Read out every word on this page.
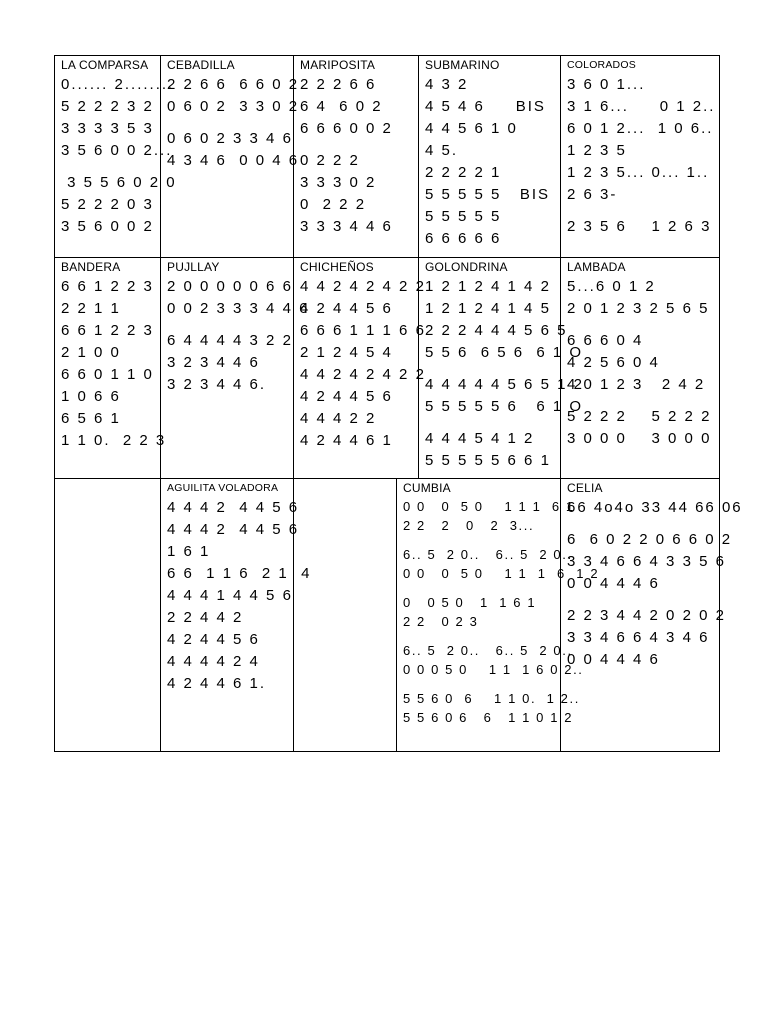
LA COMPARSA
0...... 2........
5 2 2 2 3 2
3 3 3 3 5 3
3 5 6 0 0 2...
3 5 5 6 0 2 0
5 2 2 2 0 3
3 5 6 0 0 2
CEBADILLA
2 2 6 6  6 6 0 2
0 6 0 2  3 3 0 2
0 6 0 2 3 3 4 6
4 3 4 6  0 0 4 6
MARIPOSITA
2 2 2 6 6
6 4  6 0 2
6 6 6 0 0 2
0 2 2 2
3 3 3 0 2
0  2 2 2
3 3 3 4 4 6
SUBMARINO
4 3 2
4 5 4 6     BIS
4 4 5 6 1 0
4 5.
2 2 2 2 1
5 5 5 5 5   BIS
5 5 5 5 5
6 6 6 6 6
COLORADOS
3 6 0 1...
3 1 6...     0 1 2..
6 0 1 2...  1 0 6..
1 2 3 5
1 2 3 5... 0... 1..
2 6 3-
2 3 5 6    1 2 6 3
BANDERA
6 6 1 2 2 3
2 2 1 1
6 6 1 2 2 3
2 1 0 0
6 6 0 1 1 0
1 0 6 6
6 5 6 1
1 1 0.  2 2 3
PUJLLAY
2 0 0 0 0 0 6 6
0 0 2 3 3 3 4 4 6
6 4 4 4 4 3 2 2
3 2 3 4 4 6
3 2 3 4 4 6.
CHICHEÑOS
4 4 2 4 2 4 2 2
4 2 4 4 5 6
6 6 6 1 1 1 6 6
2 1 2 4 5 4
4 4 2 4 2 4 2 2
4 2 4 4 5 6
4 4 4 2 2
4 2 4 4 6 1
GOLONDRINA
1 2 1 2 4 1 4 2
1 2 1 2 4 1 4 5
2 2 2 4 4 4 5 6 5
5 5 6  6 5 6  6 1 O
4 4 4 4 4 5 6 5 1 2
5 5 5 5 5 6   6 1 O
4 4 4 5 4 1 2
5 5 5 5 5 6 6 1
LAMBADA
5...6 0 1 2
2 0 1 2 3 2 5 6 5
6 6 6 0 4
4 2 5 6 0 4
4 0 1 2 3   2 4 2
5 2 2 2    5 2 2 2
3 0 0 0    3 0 0 0
AGUILITA VOLADORA
4 4 4 2  4 4 5 6
4 4 4 2  4 4 5 6
1 6 1
6 6  1 1 6  2 1  4
4 4 4 1 4 4 5 6
2 2 4 4 2
4 2 4 4 5 6
4 4 4 4 2 4
4 2 4 4 6 1.
CUMBIA
0 0   0  5 0    1 1 1  6 1
2 2   2   0   2  3...
6.. 5  2 0..   6.. 5  2 0..
0 0   0  5 0    1 1  1  6  1 2
0   0 5 0   1  1 6 1
2 2   0 2 3
6.. 5  2 0..   6.. 5  2 0..
0 0 0 5 0    1 1  1 6 0 2..
5 5 6 0  6    1 1 0.  1 2..
5 5 6 0 6   6   1 1 0 1 2
CELIA
66 4o4o 33 44 66 06
6  6 0 2 2 0 6 6 0 2
3 3 4 6 6 4 3 3 5 6
0 0 4 4 4 6
2 2 3 4 4 2 0 2 0 2
3 3 4 6 6 4 3 4 6
0 0 4 4 4 6
